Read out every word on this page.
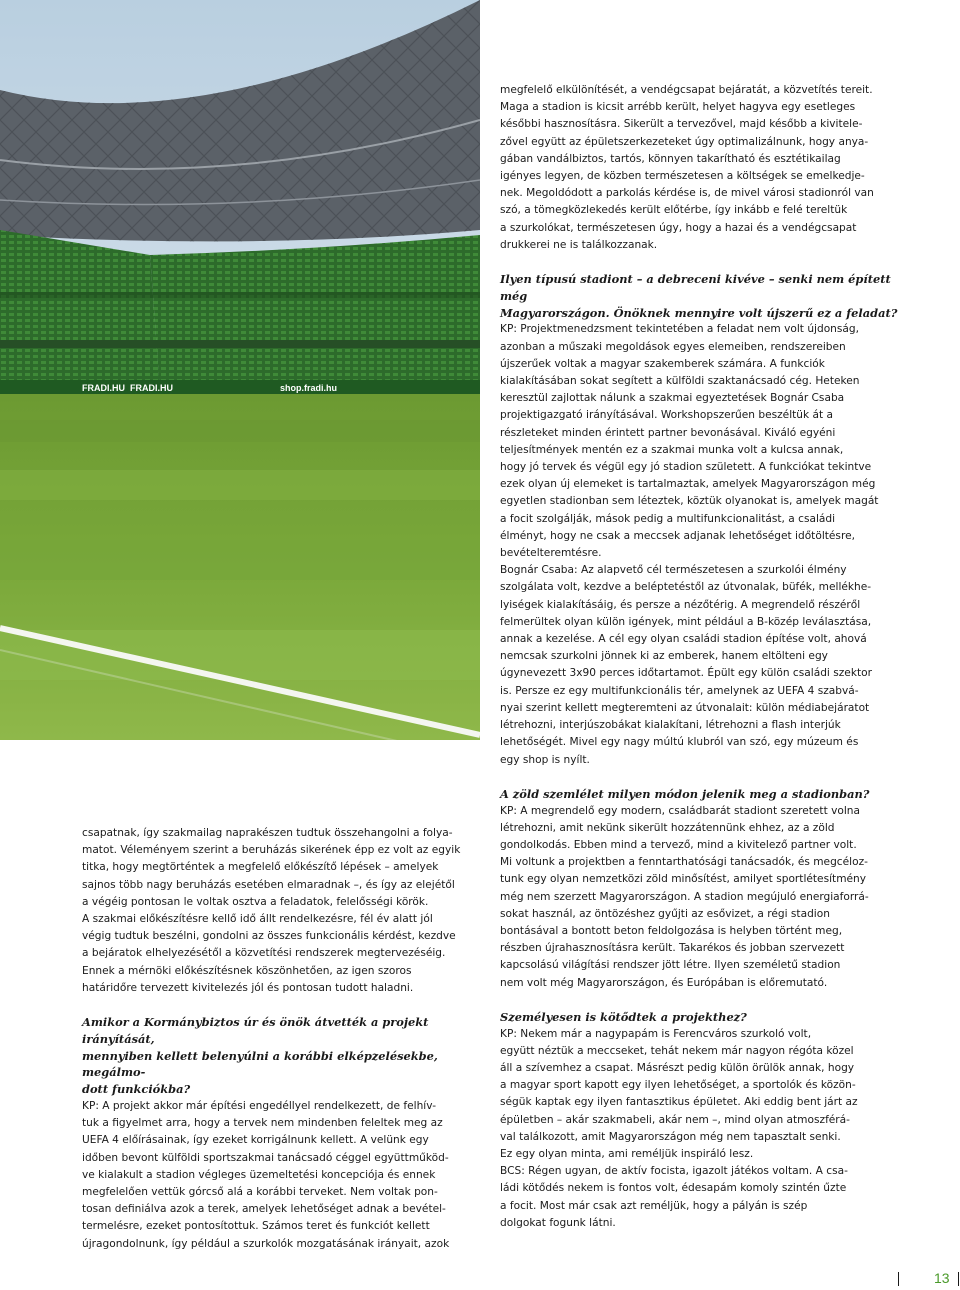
FRADI.HU	shop.fradi.hu
FRADI.HU

megfelelő elkülönítését, a vendégcsapat bejáratát, a közvetítés tereit.
Maga a stadion is kicsit arrébb került, helyet hagyva egy esetleges
későbbi hasznosításra. Sikerült a tervezővel, majd később a kivitele-
zővel együtt az épületszerkezeteket úgy optimalizálnunk, hogy anya-
gában vandálbiztos, tartós, könnyen takarítható és esztétikailag
igényes legyen, de közben természetesen a költségek se emelkedje-
nek. Megoldódott a parkolás kérdése is, de mivel városi stadionról van
szó, a tömegközlekedés került előtérbe, így inkább e felé tereltük
a szurkolókat, természetesen úgy, hogy a hazai és a vendégcsapat
drukkerei ne is találkozzanak.

Ilyen típusú stadiont – a debreceni kivéve – senki nem épített még
Magyarországon. Önöknek mennyire volt újszerű ez a feladat?

KP: Projektmenedzsment tekintetében a feladat nem volt újdonság,
azonban a műszaki megoldások egyes elemeiben, rendszereiben
újszerűek voltak a magyar szakemberek számára. A funkciók
kialakításában sokat segített a külföldi szaktanácsadó cég. Heteken
keresztül zajlottak nálunk a szakmai egyeztetések Bognár Csaba
projektigazgató irányításával. Workshopszerűen beszéltük át a
részleteket minden érintett partner bevonásával. Kiváló egyéni
teljesítmények mentén ez a szakmai munka volt a kulcsa annak,
hogy jó tervek és végül egy jó stadion született. A funkciókat tekintve
ezek olyan új elemeket is tartalmaztak, amelyek Magyarországon még
egyetlen stadionban sem léteztek, köztük olyanokat is, amelyek magát
a focit szolgálják, mások pedig a multifunkcionalitást, a családi
élményt, hogy ne csak a meccsek adjanak lehetőséget időtöltésre,
bevételteremtésre.

Bognár Csaba: Az alapvető cél természetesen a szurkolói élmény
szolgálata volt, kezdve a beléptetéstől az útvonalak, büfék, mellékhe-
lyiségek kialakításáig, és persze a nézőtérig. A megrendelő részéről
felmerültek olyan külön igények, mint például a B-közép leválasztása,
annak a kezelése. A cél egy olyan családi stadion építése volt, ahová
nemcsak szurkolni jönnek ki az emberek, hanem eltölteni egy
úgynevezett 3x90 perces időtartamot. Épült egy külön családi szektor
is. Persze ez egy multifunkcionális tér, amelynek az UEFA 4 szabvá-
nyai szerint kellett megteremteni az útvonalait: külön médiabejáratot
létrehozni, interjúszobákat kialakítani, létrehozni a flash interjúk
lehetőségét. Mivel egy nagy múltú klubról van szó, egy múzeum és
egy shop is nyílt.

A zöld szemlélet milyen módon jelenik meg a stadionban?

KP: A megrendelő egy modern, családbarát stadiont szeretett volna
létrehozni, amit nekünk sikerült hozzátennünk ehhez, az a zöld
gondolkodás. Ebben mind a tervező, mind a kivitelező partner volt.
Mi voltunk a projektben a fenntarthatósági tanácsadók, és megcéloz-
tunk egy olyan nemzetközi zöld minősítést, amilyet sportlétesítmény
még nem szerzett Magyarországon. A stadion megújuló energiaforrá-
sokat használ, az öntözéshez gyűjti az esővizet, a régi stadion
bontásával a bontott beton feldolgozása is helyben történt meg,
részben újrahasznosításra került. Takarékos és jobban szervezett
kapcsolású világítási rendszer jött létre. Ilyen személetű stadion
nem volt még Magyarországon, és Európában is előremutató.

Személyesen is kötődtek a projekthez?

KP: Nekem már a nagypapám is Ferencváros szurkoló volt,
együtt néztük a meccseket, tehát nekem már nagyon régóta közel
áll a szívemhez a csapat. Másrészt pedig külön örülök annak, hogy
a magyar sport kapott egy ilyen lehetőséget, a sportolók és közön-
ségük kaptak egy ilyen fantasztikus épületet. Aki eddig bent járt az
épületben – akár szakmabeli, akár nem –, mind olyan atmoszférá-
val találkozott, amit Magyarországon még nem tapasztalt senki.
Ez egy olyan minta, ami reméljük inspiráló lesz.

BCS: Régen ugyan, de aktív focista, igazolt játékos voltam. A csa-
ládi kötődés nekem is fontos volt, édesapám komoly szintén űzte
a focit. Most már csak azt reméljük, hogy a pályán is szép
dolgokat fogunk látni.

csapatnak, így szakmailag naprakészen tudtuk összehangolni a folya-
matot. Véleményem szerint a beruházás sikerének épp ez volt az egyik
titka, hogy megtörténtek a megfelelő előkészítő lépések – amelyek
sajnos több nagy beruházás esetében elmaradnak –, és így az elejétől
a végéig pontosan le voltak osztva a feladatok, felelősségi körök.
A szakmai előkészítésre kellő idő állt rendelkezésre, fél év alatt jól
végig tudtuk beszélni, gondolni az összes funkcionális kérdést, kezdve
a bejáratok elhelyezésétől a közvetítési rendszerek megtervezéséig.
Ennek a mérnöki előkészítésnek köszönhetően, az igen szoros
határidőre tervezett kivitelezés jól és pontosan tudott haladni.

Amikor a Kormánybiztos úr és önök átvették a projekt irányítását,
mennyiben kellett belenyúlni a korábbi elképzelésekbe, megálmo-
dott funkciókba?

KP: A projekt akkor már építési engedéllyel rendelkezett, de felhív-
tuk a figyelmet arra, hogy a tervek nem mindenben feleltek meg az
UEFA 4 előírásainak, így ezeket korrigálnunk kellett. A velünk egy
időben bevont külföldi sportszakmai tanácsadó céggel együttműköd-
ve kialakult a stadion végleges üzemeltetési koncepciója és ennek
megfelelően vettük górcső alá a korábbi terveket. Nem voltak pon-
tosan definiálva azok a terek, amelyek lehetőséget adnak a bevétel-
termelésre, ezeket pontosítottuk. Számos teret és funkciót kellett
újragondolnunk, így például a szurkolók mozgatásának irányait, azok

13
